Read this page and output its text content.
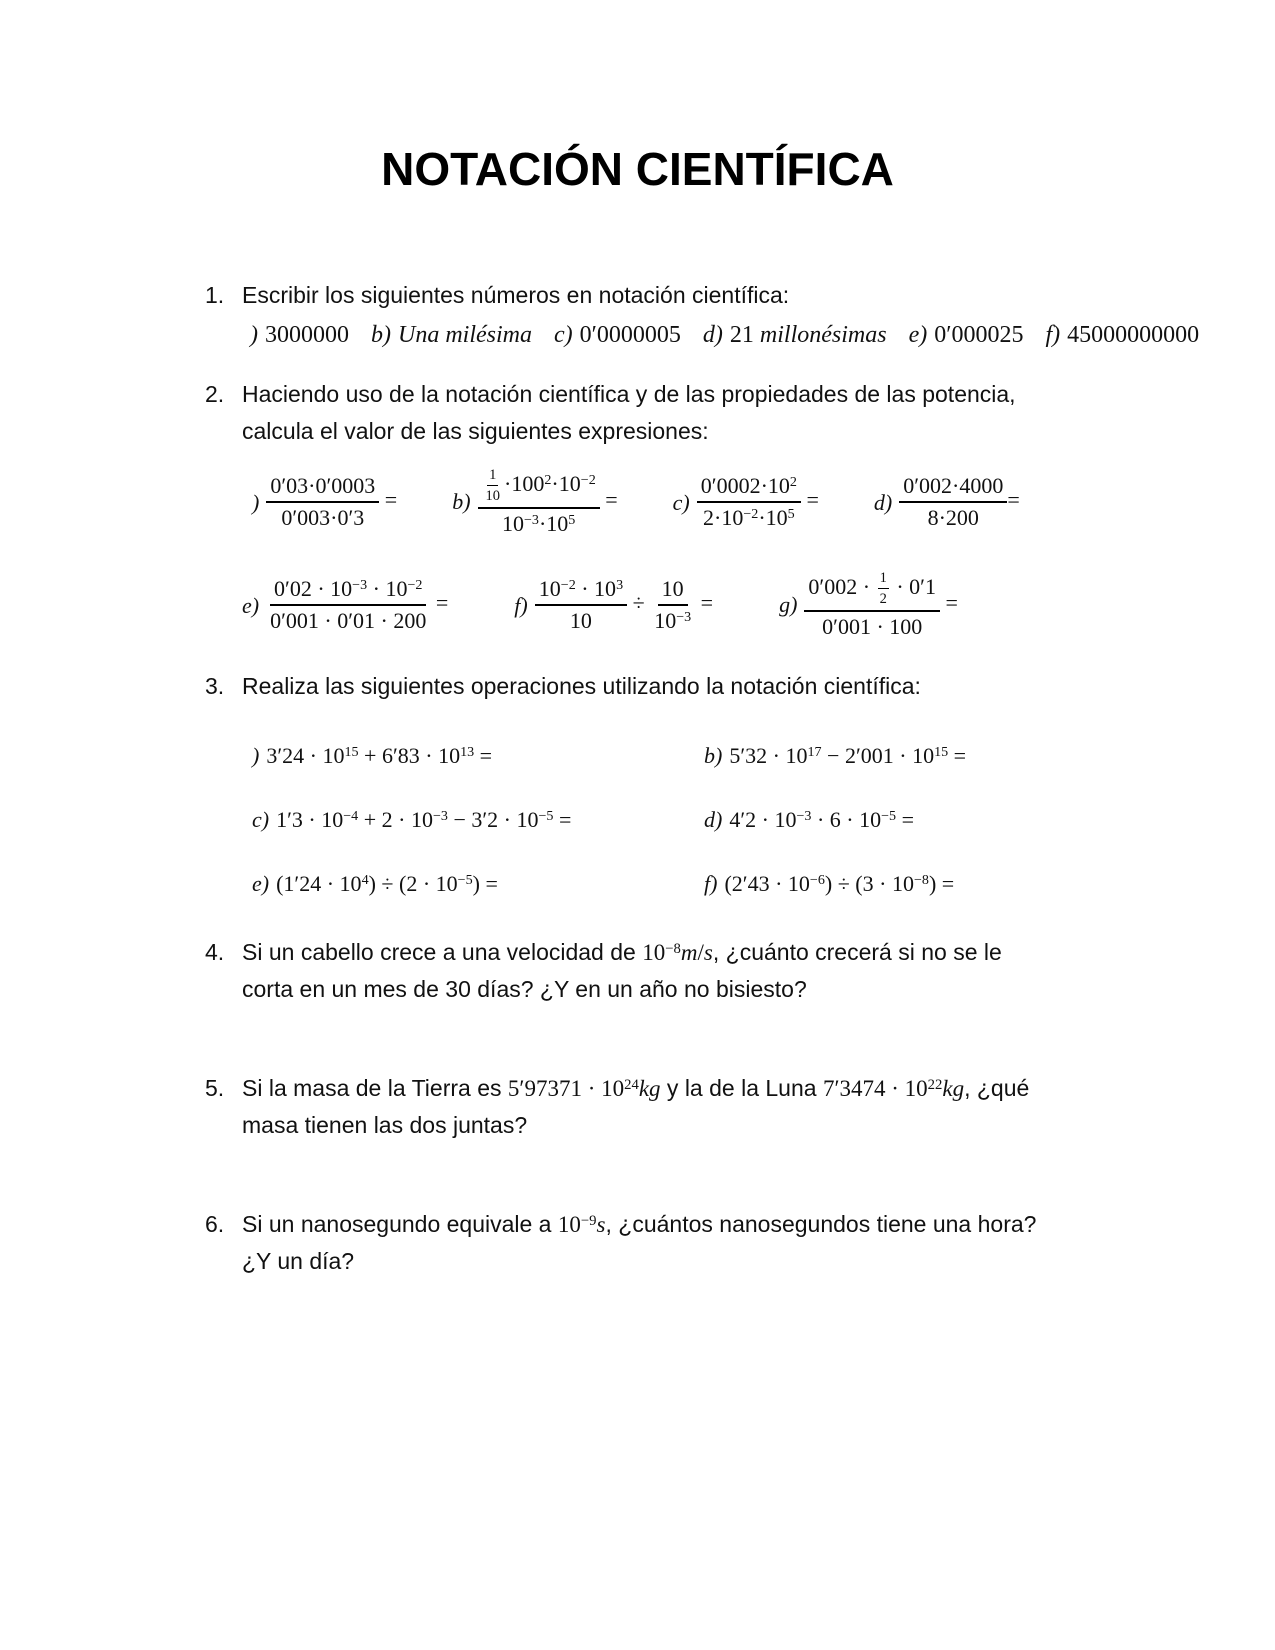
NOTACIÓN CIENTÍFICA
1. Escribir los siguientes números en notación científica:
) 3000000 b) Una milésima c) 0′0000005 d) 21 millonésimas e) 0′000025 f) 45000000000
2. Haciendo uso de la notación científica y de las propiedades de las potencia, calcula el valor de las siguientes expresiones:
) $\frac{0'03\cdot 0'0003}{0'003\cdot 0'3}$ =	$b) \frac{\frac{1}{10} \cdot 100^2\cdot 10^{-2}}{10^{-3}\cdot 10^5}$ =	$c) \frac{0'0002\cdot 10^2}{2\cdot 10^{-2}\cdot 10^5}$ =	$d) \frac{0'002\cdot 4000}{8\cdot 200}$ =
$e) \frac{0'02 \cdot 10^{-3} \cdot 10^{-2}}{0'001 \cdot 0'01 \cdot 200}$ =	$f) \frac{10^{-2} \cdot 10^3}{10} \div \frac{10}{10^{-3}}$ =	$g) \frac{0'002 \cdot \frac{1}{2} \cdot 0'1}{0'001 \cdot 100}$ =
3. Realiza las siguientes operaciones utilizando la notación científica:
) $3'24 \cdot 10^{15} + 6'83 \cdot 10^{13}$ =	b) $5'32 \cdot 10^{17} - 2'001 \cdot 10^{15}$ =
c) $1'3 \cdot 10^{-4} + 2 \cdot 10^{-3} - 3'2 \cdot 10^{-5}$ =	d) $4'2 \cdot 10^{-3} \cdot 6 \cdot 10^{-5}$ =
e) $(1'24 \cdot 10^4) \div (2 \cdot 10^{-5})$ =	f) $(2'43 \cdot 10^{-6}) \div (3 \cdot 10^{-8})$ =
4. Si un cabello crece a una velocidad de $10^{-8}m/s$, ¿cuánto crecerá si no se le corta en un mes de 30 días? ¿Y en un año no bisiesto?
5. Si la masa de la Tierra es $5'97371 \cdot 10^{24}kg$ y la de la Luna $7'3474 \cdot 10^{22}kg$, ¿qué masa tienen las dos juntas?
6. Si un nanosegundo equivale a $10^{-9}s$, ¿cuántos nanosegundos tiene una hora? ¿Y un día?
